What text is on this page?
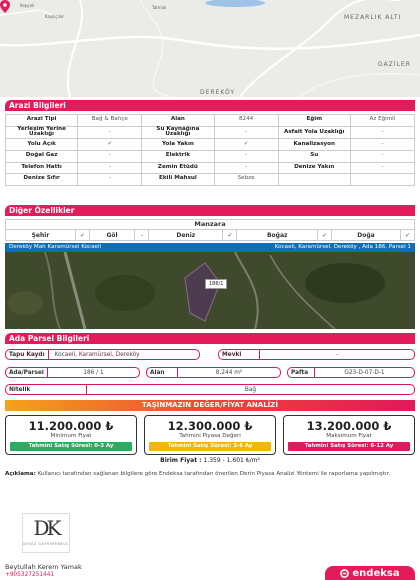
MEZARLIK ALTI
GAZİLER
DEREKÖY
Kaşıkçılar
Kepçeli	Tatmak
Arazi Bilgileri
Arazi Tipi	Bağ & Bahçe	Alan	8244	Eğim	Az Eğimli
Yerleşim Yerine Uzaklığı	-	Su Kaynağına Uzaklığı	-	Asfalt Yola Uzaklığı	-
Yolu Açık	✓	Yola Yakın	✓	Kanalizasyon	-
Doğal Gaz	-	Elektrik	-	Su	-
Telefon Hattı	-	Zemin Etüdü	-	Denize Yakın	-
Denize Sıfır	-	Ekili Mahsul	Sebze		
Diğer Özellikler
Manzara
Şehir	✓	Göl	-	Deniz	✓	Boğaz	✓	Doğa	✓
Dereköy Mah Karamürsel Kocaeli	Kocaeli, Karamürsel, Dereköy , Ada 186, Parsel 1
186/1
Ada Parsel Bilgileri
Tapu Kaydı	Kocaeli, Karamürsel, Dereköy	Mevki	-
Ada/Parsel	186 / 1	Alan	8,244 m²	Pafta	G23-D-07-D-1
Nitelik	Bağ
TAŞINMAZIN DEĞER/FİYAT ANALİZİ
11.200.000 ₺
Minimum Fiyat
Tahmini Satış Süresi: 0-3 Ay
12.300.000 ₺
Tahmini Piyasa Değeri
Tahmini Satış Süresi: 3-6 Ay
13.200.000 ₺
Maksimum Fiyat
Tahmini Satış Süresi: 6-12 Ay
Birim Fiyat : 1.359 - 1.601 ₺/m²
Açıklama: Kullanıcı tarafından sağlanan bilgilere göre Endeksa tarafından önerilen Derin Piyasa Analizi Yöntemi ile raporlama yapılmıştır.
DK
DENİZ GAYRİMENKUL
Beytullah Kerem Yamak
+905327251441	endeksa
